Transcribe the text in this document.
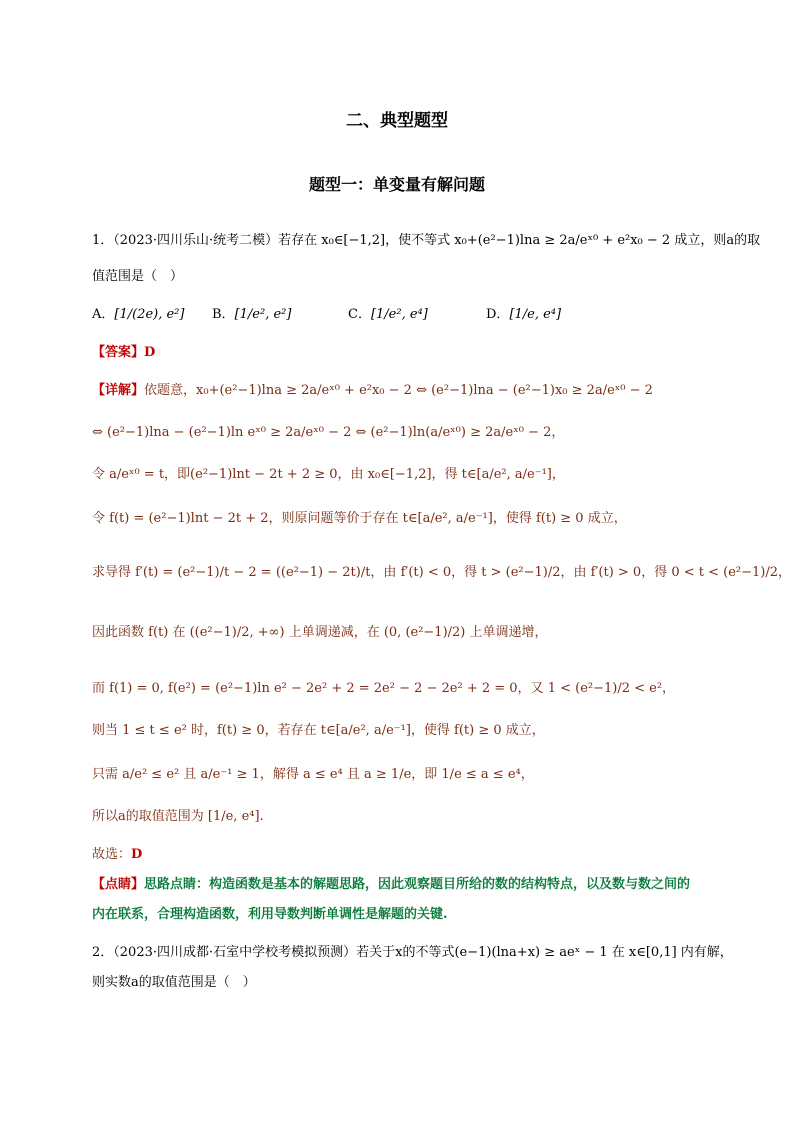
二、典型题型
题型一：单变量有解问题
1．（2023·四川乐山·统考二模）若存在 x₀∈[−1,2]，使不等式 x₀+(e²−1)lna ≥ 2a/eˣ⁰ + e²x₀ − 2 成立，则a的取
值范围是（　）
A．[1/(2e), e²] B．[1/e², e²]	C．[1/e², e⁴]	D．[1/e, e⁴]
【答案】D
【详解】依题意，x₀+(e²−1)lna ≥ 2a/eˣ⁰ + e²x₀ − 2 ⇔ (e²−1)lna − (e²−1)x₀ ≥ 2a/eˣ⁰ − 2
⇔ (e²−1)lna − (e²−1)ln eˣ⁰ ≥ 2a/eˣ⁰ − 2 ⇔ (e²−1)ln(a/eˣ⁰) ≥ 2a/eˣ⁰ − 2，
令 a/eˣ⁰ = t，即(e²−1)lnt − 2t + 2 ≥ 0，由 x₀∈[−1,2]，得 t∈[a/e², a/e⁻¹]，
令 f(t) = (e²−1)lnt − 2t + 2，则原问题等价于存在 t∈[a/e², a/e⁻¹]，使得 f(t) ≥ 0 成立，
求导得 f′(t) = (e²−1)/t − 2 = ((e²−1) − 2t)/t，由 f′(t) < 0，得 t > (e²−1)/2，由 f′(t) > 0，得 0 < t < (e²−1)/2，
因此函数 f(t) 在 ((e²−1)/2, +∞) 上单调递减，在 (0, (e²−1)/2) 上单调递增，
而 f(1) = 0, f(e²) = (e²−1)ln e² − 2e² + 2 = 2e² − 2 − 2e² + 2 = 0，又 1 < (e²−1)/2 < e²，
则当 1 ≤ t ≤ e² 时，f(t) ≥ 0，若存在 t∈[a/e², a/e⁻¹]，使得 f(t) ≥ 0 成立，
只需 a/e² ≤ e² 且 a/e⁻¹ ≥ 1，解得 a ≤ e⁴ 且 a ≥ 1/e，即 1/e ≤ a ≤ e⁴，
所以a的取值范围为 [1/e, e⁴].
故选：D
【点睛】思路点睛：构造函数是基本的解题思路，因此观察题目所给的数的结构特点，以及数与数之间的
内在联系，合理构造函数，利用导数判断单调性是解题的关键.
2．（2023·四川成都·石室中学校考模拟预测）若关于x的不等式(e−1)(lna+x) ≥ aeˣ − 1 在 x∈[0,1] 内有解，
则实数a的取值范围是（　）
